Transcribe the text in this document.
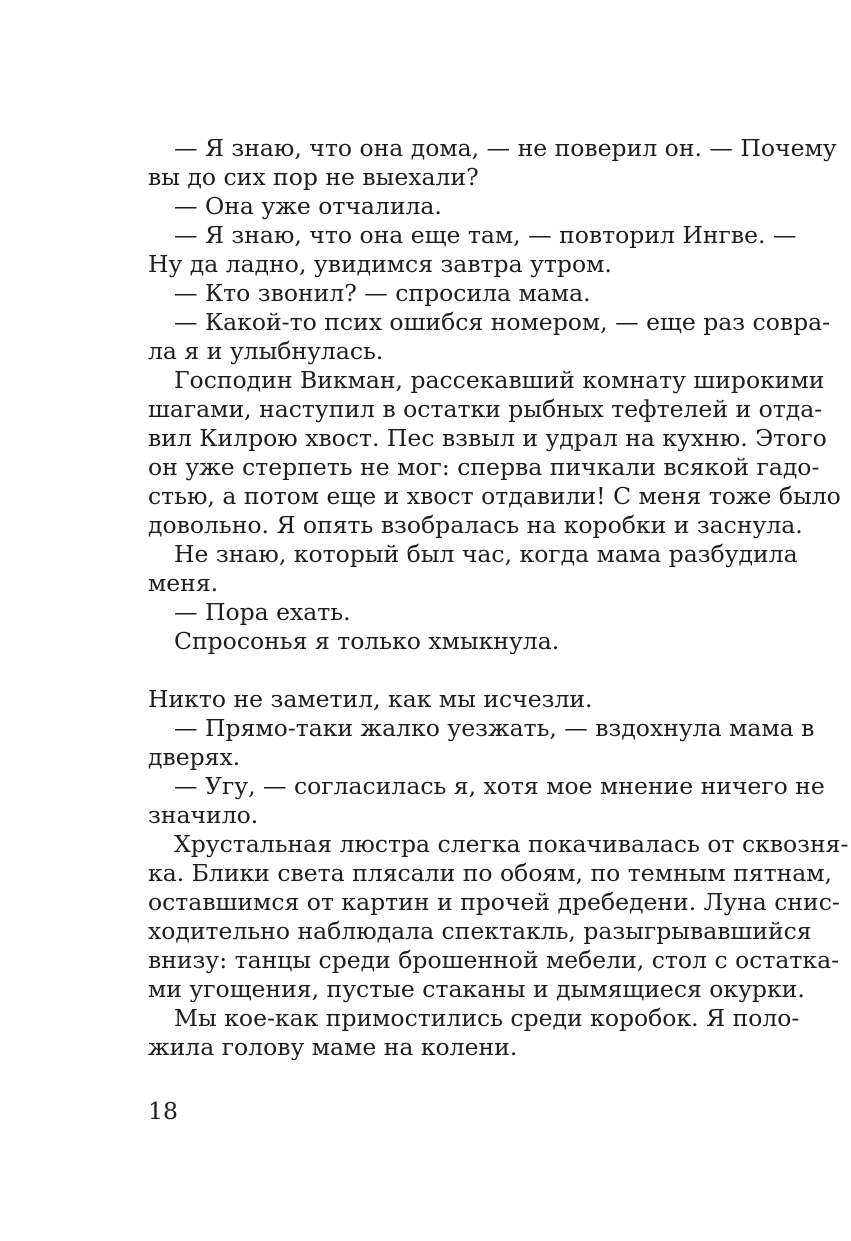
— Я знаю, что она дома, — не поверил он. — Почему
вы до сих пор не выехали?
— Она уже отчалила.
— Я знаю, что она еще там, — повторил Ингве. —
Ну да ладно, увидимся завтра утром.
— Кто звонил? — спросила мама.
— Какой-то псих ошибся номером, — еще раз совра-
ла я и улыбнулась.
Господин Викман, рассекавший комнату широкими
шагами, наступил в остатки рыбных тефтелей и отда-
вил Килрою хвост. Пес взвыл и удрал на кухню. Этого
он уже стерпеть не мог: сперва пичкали всякой гадо-
стью, а потом еще и хвост отдавили! С меня тоже было
довольно. Я опять взобралась на коробки и заснула.
Не знаю, который был час, когда мама разбудила
меня.
— Пора ехать.
Спросонья я только хмыкнула.
Никто не заметил, как мы исчезли.
— Прямо-таки жалко уезжать, — вздохнула мама в
дверях.
— Угу, — согласилась я, хотя мое мнение ничего не
значило.
Хрустальная люстра слегка покачивалась от сквозня-
ка. Блики света плясали по обоям, по темным пятнам,
оставшимся от картин и прочей дребедени. Луна снис-
ходительно наблюдала спектакль, разыгрывавшийся
внизу: танцы среди брошенной мебели, стол с остатка-
ми угощения, пустые стаканы и дымящиеся окурки.
Мы кое-как примостились среди коробок. Я поло-
жила голову маме на колени.
18
